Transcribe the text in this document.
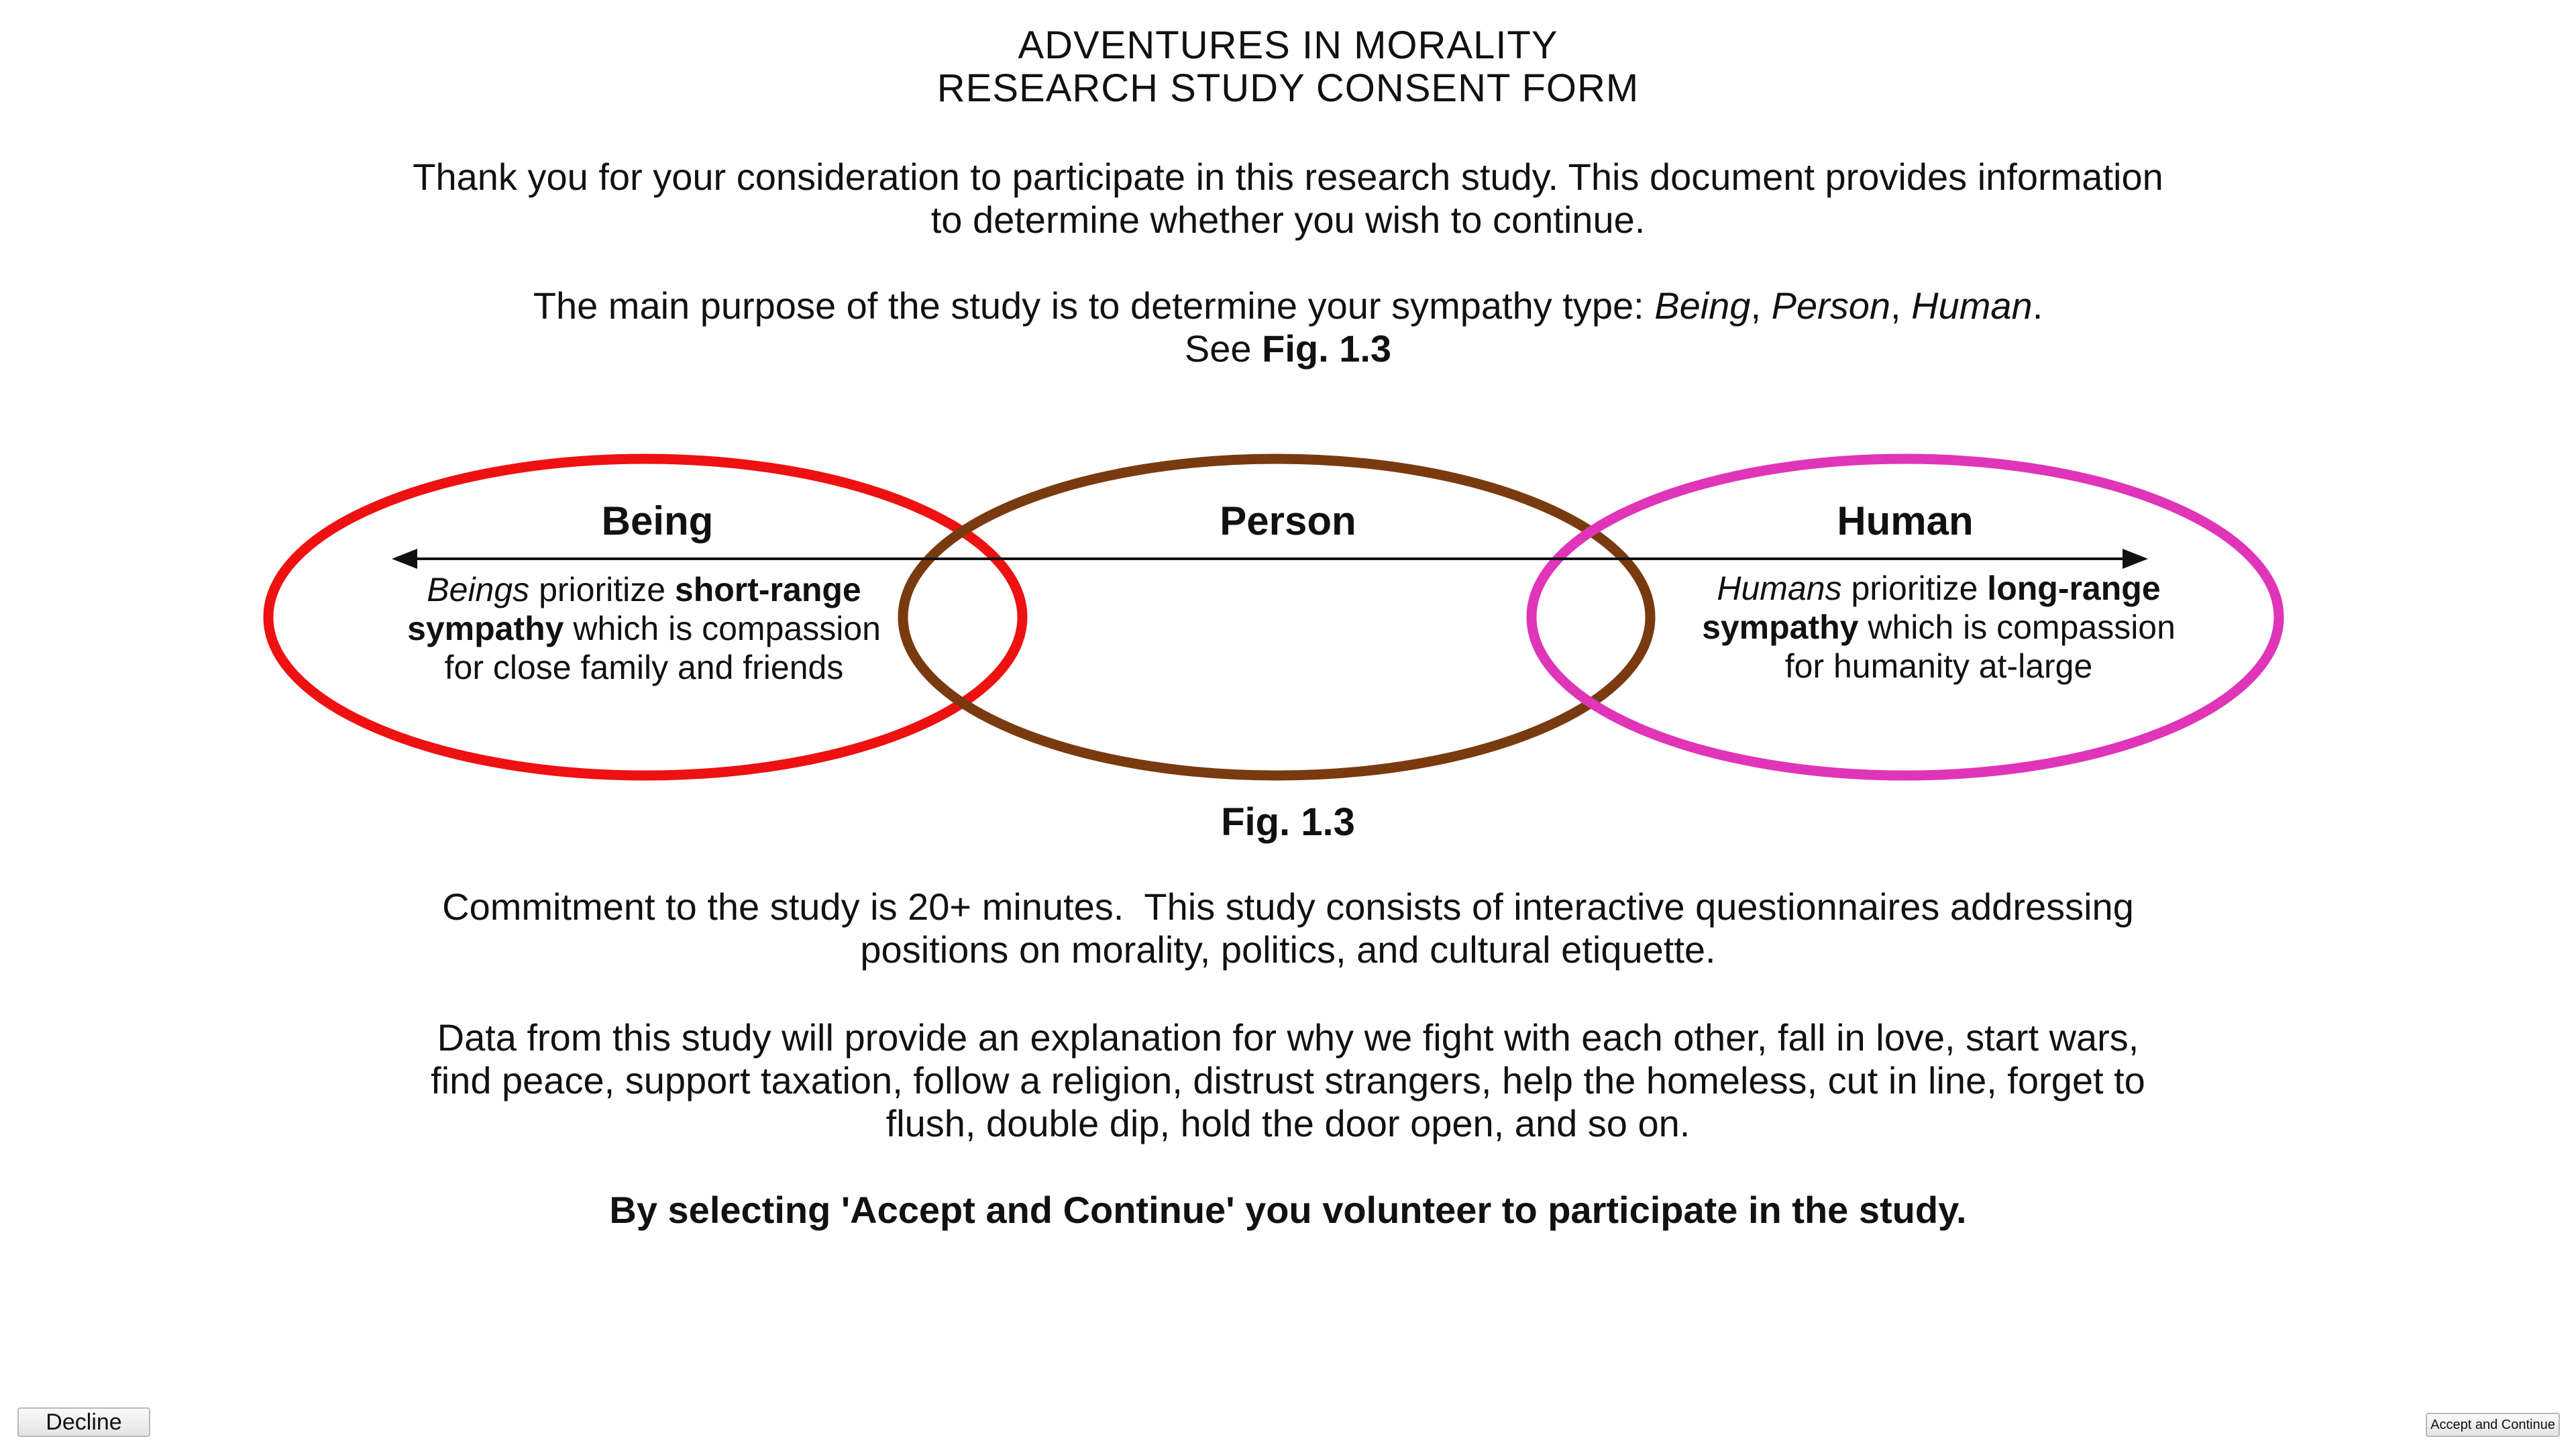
ADVENTURES IN MORALITY
RESEARCH STUDY CONSENT FORM
Thank you for your consideration to participate in this research study. This document provides information
to determine whether you wish to continue.
The main purpose of the study is to determine your sympathy type: Being, Person, Human.
See Fig. 1.3
Being	Person	Human
Beings prioritize short-range sympathy which is compassion for close family and friends
Humans prioritize long-range sympathy which is compassion for humanity at-large
Fig. 1.3
Commitment to the study is 20+ minutes.  This study consists of interactive questionnaires addressing
positions on morality, politics, and cultural etiquette.
Data from this study will provide an explanation for why we fight with each other, fall in love, start wars,
find peace, support taxation, follow a religion, distrust strangers, help the homeless, cut in line, forget to
flush, double dip, hold the door open, and so on.
By selecting 'Accept and Continue' you volunteer to participate in the study.
Decline	Accept and Continue
